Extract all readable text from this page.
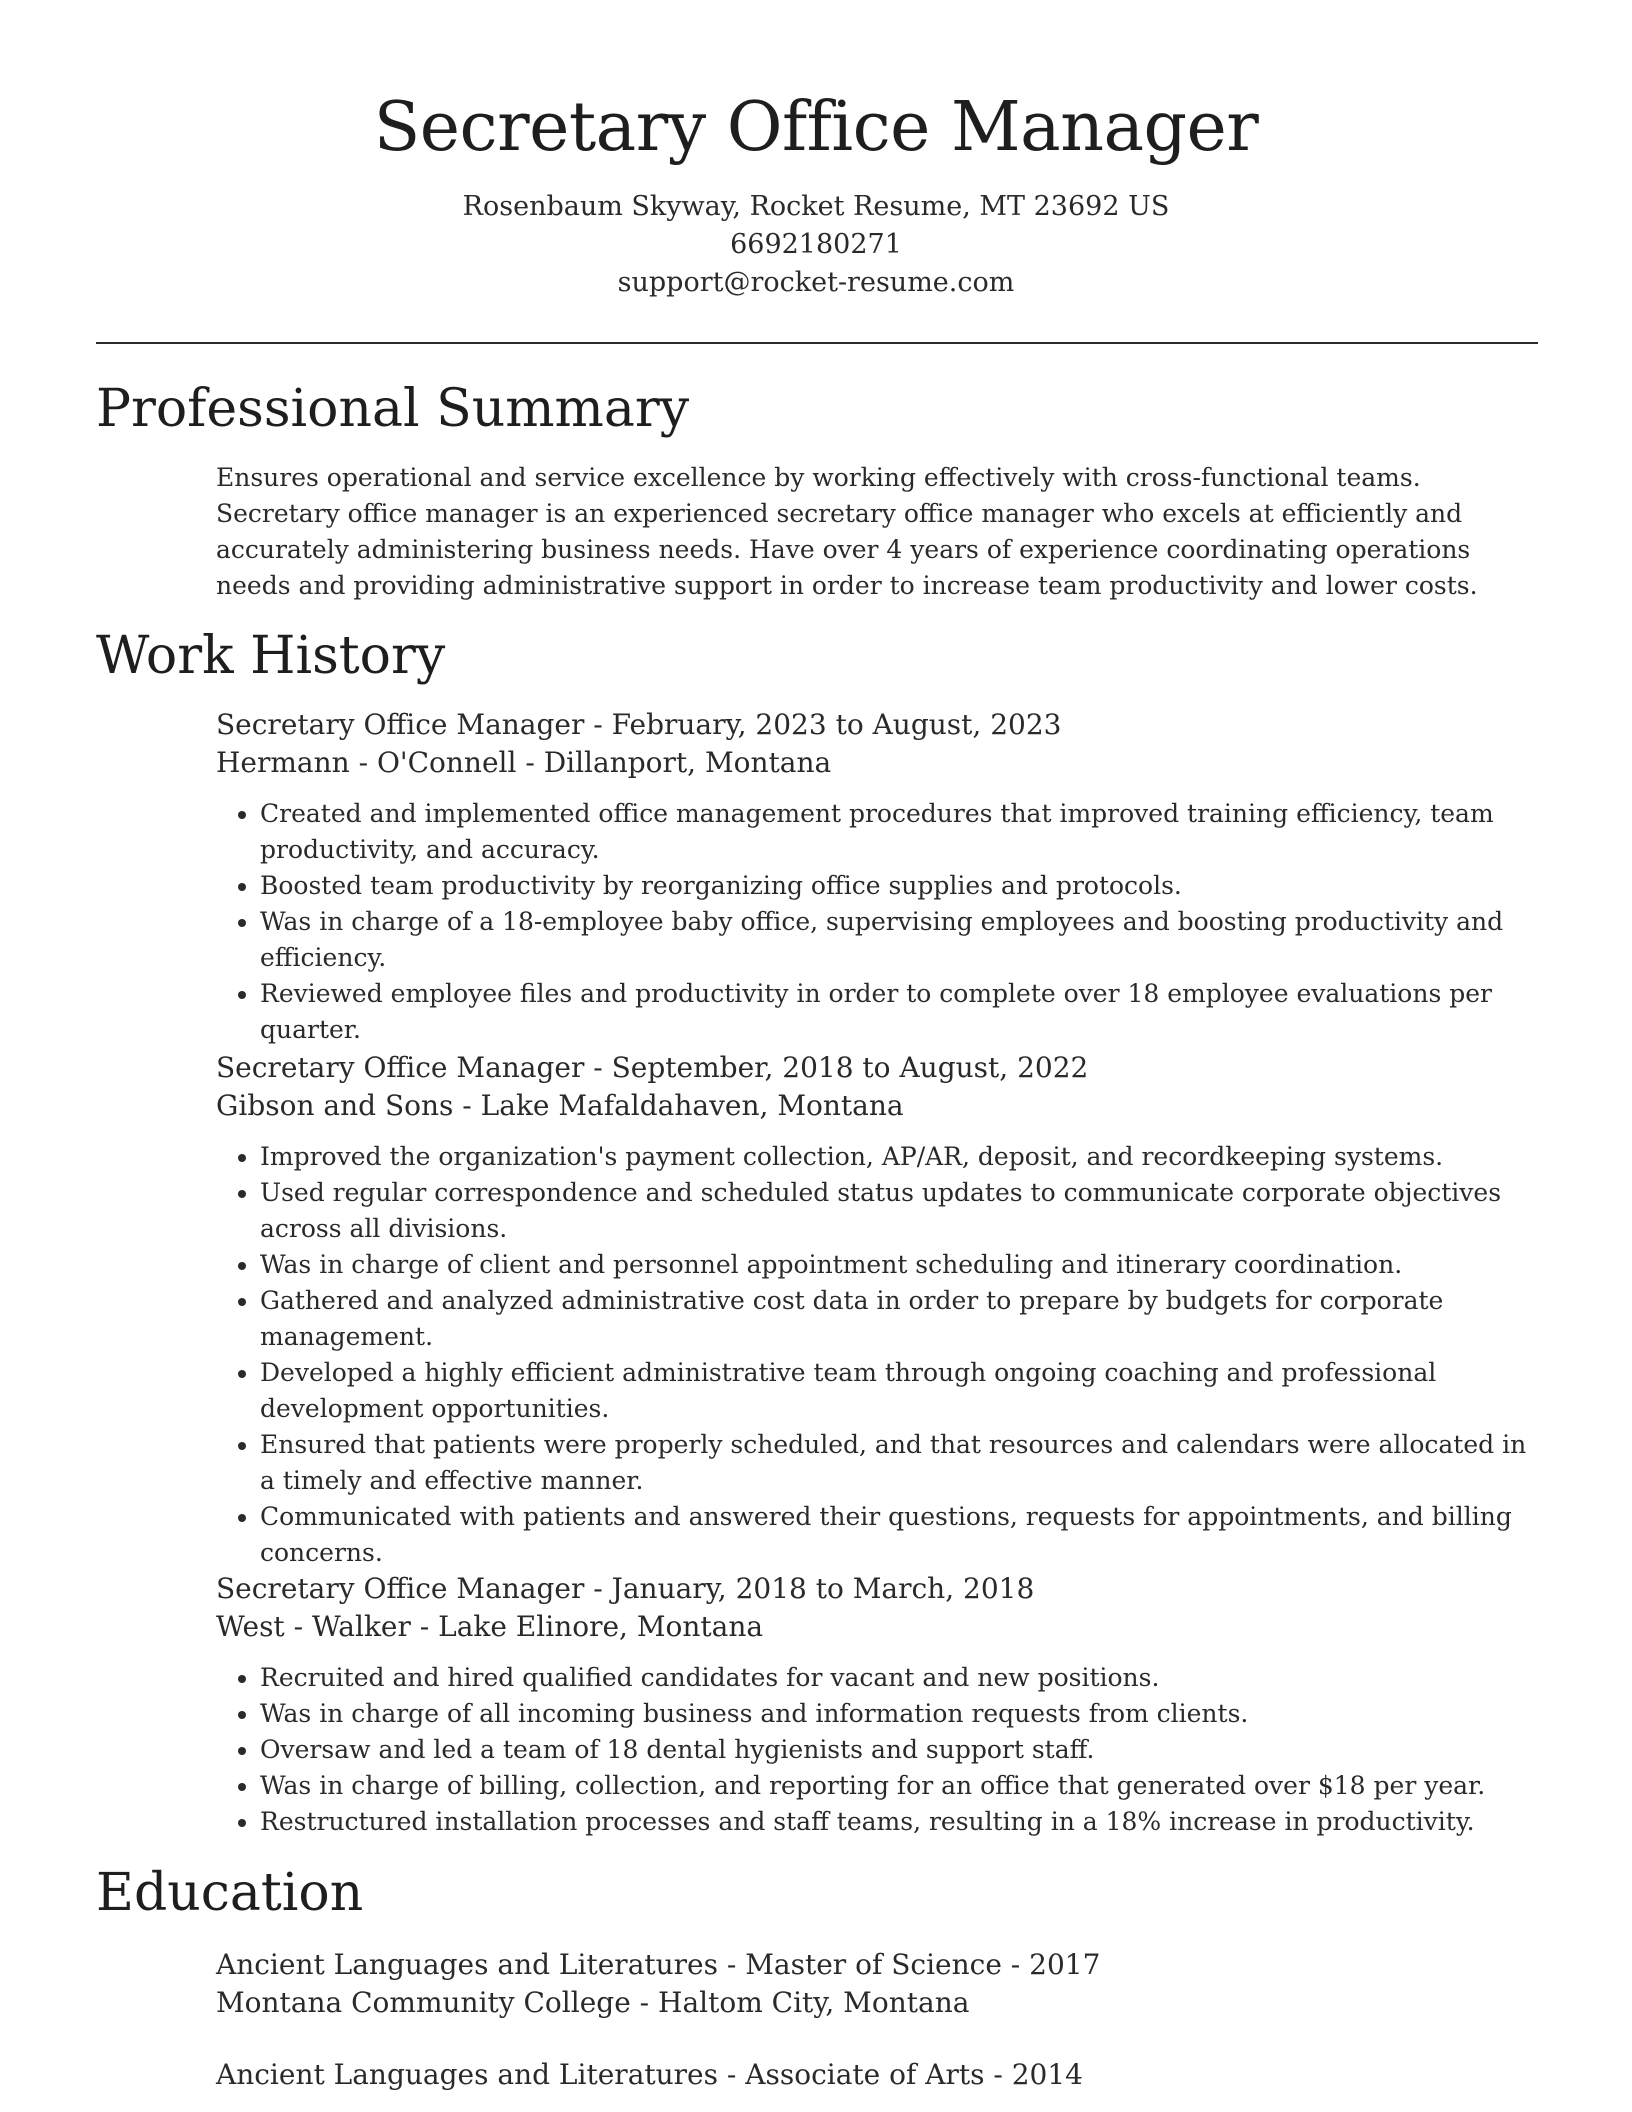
Secretary Office Manager
Rosenbaum Skyway, Rocket Resume, MT 23692 US
6692180271
support@rocket-resume.com
Professional Summary

Ensures operational and service excellence by working effectively with cross-functional teams. Secretary office manager is an experienced secretary office manager who excels at efficiently and accurately administering business needs. Have over 4 years of experience coordinating operations needs and providing administrative support in order to increase team productivity and lower costs.

Work History
Secretary Office Manager - February, 2023 to August, 2023
Hermann - O'Connell - Dillanport, Montana
• Created and implemented office management procedures that improved training efficiency, team productivity, and accuracy.
• Boosted team productivity by reorganizing office supplies and protocols.
• Was in charge of a 18-employee baby office, supervising employees and boosting productivity and efficiency.
• Reviewed employee files and productivity in order to complete over 18 employee evaluations per quarter.
Secretary Office Manager - September, 2018 to August, 2022
Gibson and Sons - Lake Mafaldahaven, Montana
• Improved the organization's payment collection, AP/AR, deposit, and recordkeeping systems.
• Used regular correspondence and scheduled status updates to communicate corporate objectives across all divisions.
• Was in charge of client and personnel appointment scheduling and itinerary coordination.
• Gathered and analyzed administrative cost data in order to prepare by budgets for corporate management.
• Developed a highly efficient administrative team through ongoing coaching and professional development opportunities.
• Ensured that patients were properly scheduled, and that resources and calendars were allocated in a timely and effective manner.
• Communicated with patients and answered their questions, requests for appointments, and billing concerns.
Secretary Office Manager - January, 2018 to March, 2018
West - Walker - Lake Elinore, Montana
• Recruited and hired qualified candidates for vacant and new positions.
• Was in charge of all incoming business and information requests from clients.
• Oversaw and led a team of 18 dental hygienists and support staff.
• Was in charge of billing, collection, and reporting for an office that generated over $18 per year.
• Restructured installation processes and staff teams, resulting in a 18% increase in productivity.
Education
Ancient Languages and Literatures - Master of Science - 2017
Montana Community College - Haltom City, Montana
Ancient Languages and Literatures - Associate of Arts - 2014
